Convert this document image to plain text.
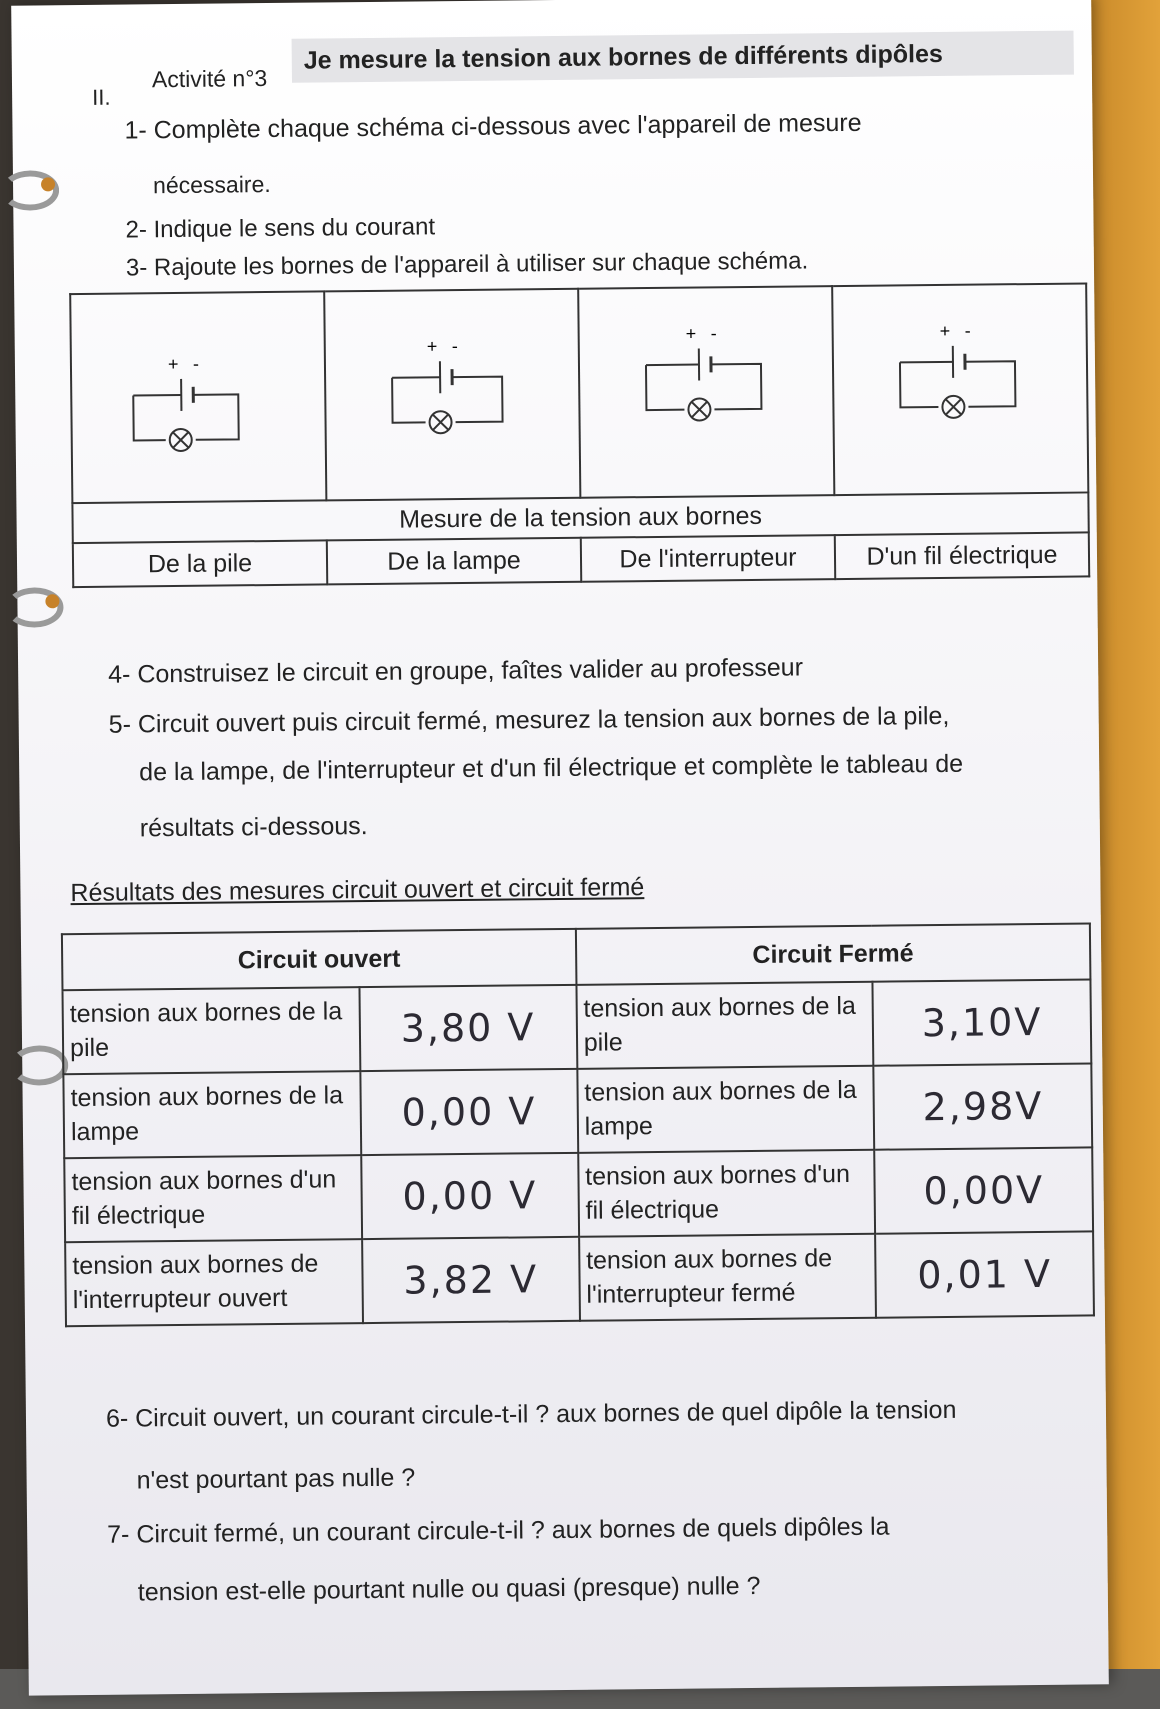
II.
Activité n°3
Je mesure la tension aux bornes de différents dipôles
1- Complète chaque schéma ci-dessous avec l'appareil de mesure
nécessaire.
2- Indique le sens du courant
3- Rajoute les bornes de l'appareil à utiliser sur chaque schéma.
+ -	+ -	+ -	+ -

Mesure de la tension aux bornes			
De la pile	De la lampe	De l'interrupteur	D'un fil électrique
4- Construisez le circuit en groupe, faîtes valider au professeur
5- Circuit ouvert puis circuit fermé, mesurez la tension aux bornes de la pile,
de la lampe, de l'interrupteur et d'un fil électrique et complète le tableau de
résultats ci-dessous.
Résultats des mesures circuit ouvert et circuit fermé
Circuit ouvert		Circuit Fermé	
tension aux bornes de la pile	3,80 V	tension aux bornes de la pile	3,10V
tension aux bornes de la lampe	0,00 V	tension aux bornes de la lampe	2,98V
tension aux bornes d'un fil électrique	0,00 V	tension aux bornes d'un fil électrique	0,00V
tension aux bornes de l'interrupteur ouvert	3,82 V	tension aux bornes de l'interrupteur fermé	0,01 V
6- Circuit ouvert, un courant circule-t-il ? aux bornes de quel dipôle la tension
n'est pourtant pas nulle ?
7- Circuit fermé, un courant circule-t-il ? aux bornes de quels dipôles la
tension est-elle pourtant nulle ou quasi (presque) nulle ?
